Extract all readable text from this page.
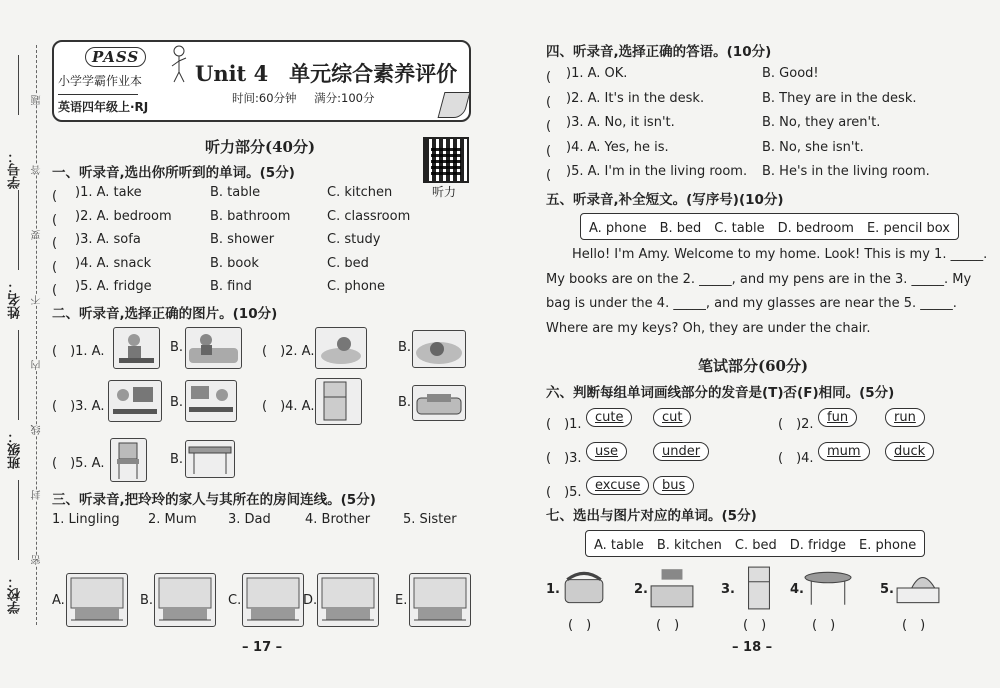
学号：
姓名：
班级：
学校：
题
答
要
不
内
线
封
密
PASS
小学学霸作业本
英语四年级上·RJ
Unit 4　单元综合素养评价
时间:60分钟 满分:100分
听力部分(40分)
听力
一、听录音,选出你所听到的单词。(5分)
(　 )1. A. take	B. table	C. kitchen
(　 )2. A. bedroom	B. bathroom	C. classroom
(　 )3. A. sofa	B. shower	C. study
(　 )4. A. snack	B. book	C. bed
(　 )5. A. fridge	B. find	C. phone
二、听录音,选择正确的图片。(10分)
(　)1. A.	B.	(　)2. A.	B.
(　)3. A.	B.	(　)4. A.	B.
(　)5. A.	B.
三、听录音,把玲玲的家人与其所在的房间连线。(5分)
1. Lingling 2. Mum 3. Dad	4. Brother	5. Sister
A.	B.	C.	D.	E.
– 17 –
四、听录音,选择正确的答语。(10分)
(　 )1. A. OK.	B. Good!
(　 )2. A. It's in the desk.	B. They are in the desk.
(　 )3. A. No, it isn't.	B. No, they aren't.
(　 )4. A. Yes, he is.	B. No, she isn't.
(　 )5. A. I'm in the living room. B. He's in the living room.
五、听录音,补全短文。(写序号)(10分)
A. phone　B. bed　C. table　D. bedroom　E. pencil box
Hello! I'm Amy. Welcome to my home. Look! This is my 1. _____.
My books are on the 2. _____, and my pens are in the 3. _____. My
bag is under the 4. _____, and my glasses are near the 5. _____.
Where are my keys? Oh, they are under the chair.
笔试部分(60分)
六、判断每组单词画线部分的发音是(T)否(F)相同。(5分)
(　)1.	cute	cut	(　)2.	fun	run
(　)3.	use	under	(　)4.	mum	duck
(　)5.	excuse	bus
七、选出与图片对应的单词。(5分)
A. table　B. kitchen　C. bed　D. fridge　E. phone
1.
(　)
2.
(　)
3.
(　)
4.
(　)
5.
(　)
– 18 –
